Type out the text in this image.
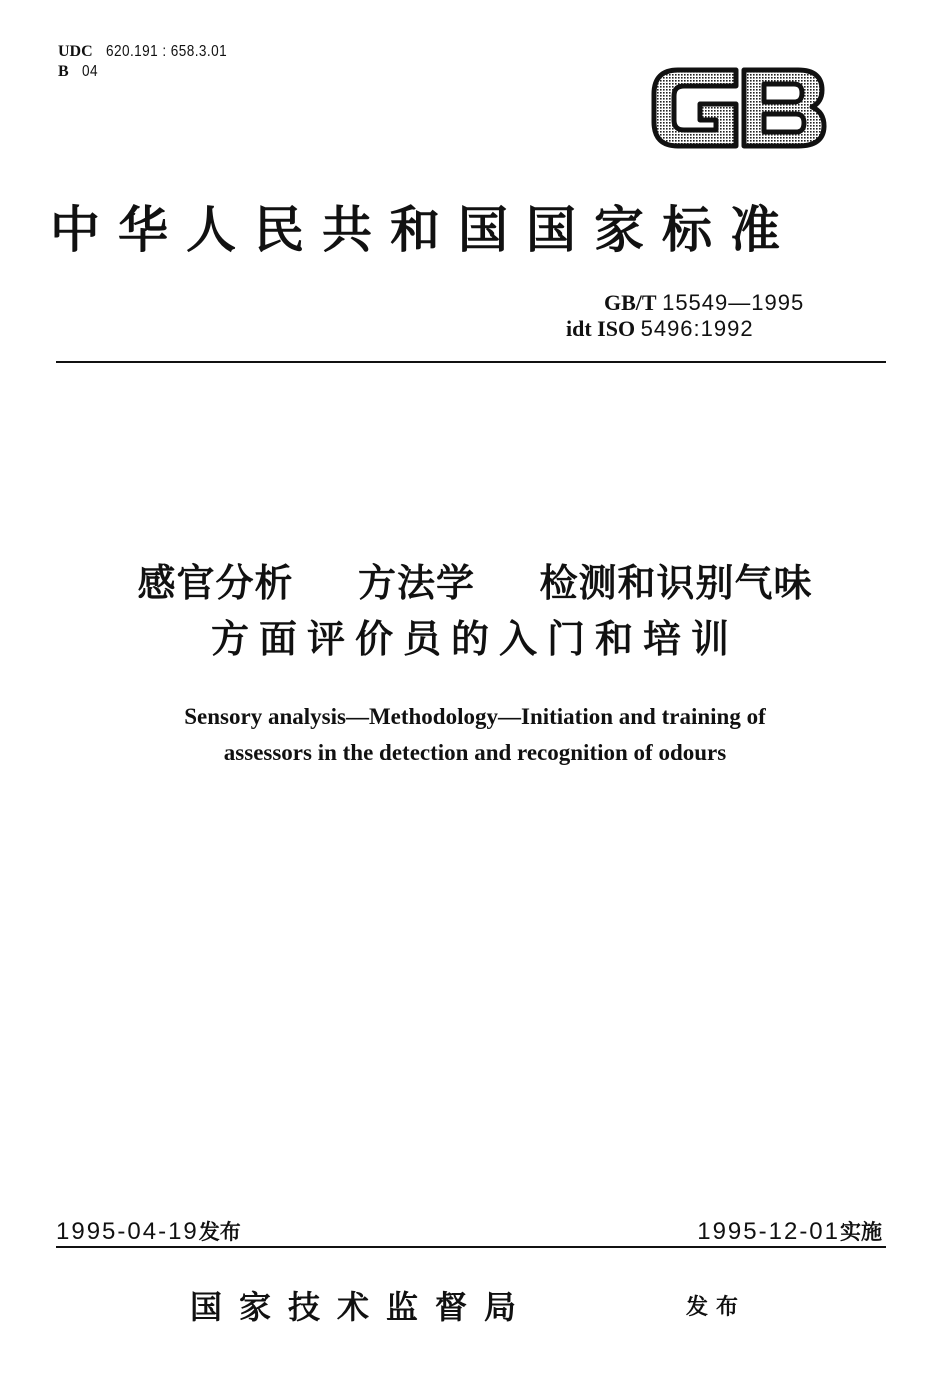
UDC 620.191 : 658.3.01
B 04
中华人民共和国国家标准
GB/T 15549—1995
idt ISO 5496:1992
感官分析  方法学  检测和识别气味
方面评价员的入门和培训
Sensory analysis—Methodology—Initiation and training of
assessors in the detection and recognition of odours
1995-04-19发布	1995-12-01实施
国家技术监督局	发布
